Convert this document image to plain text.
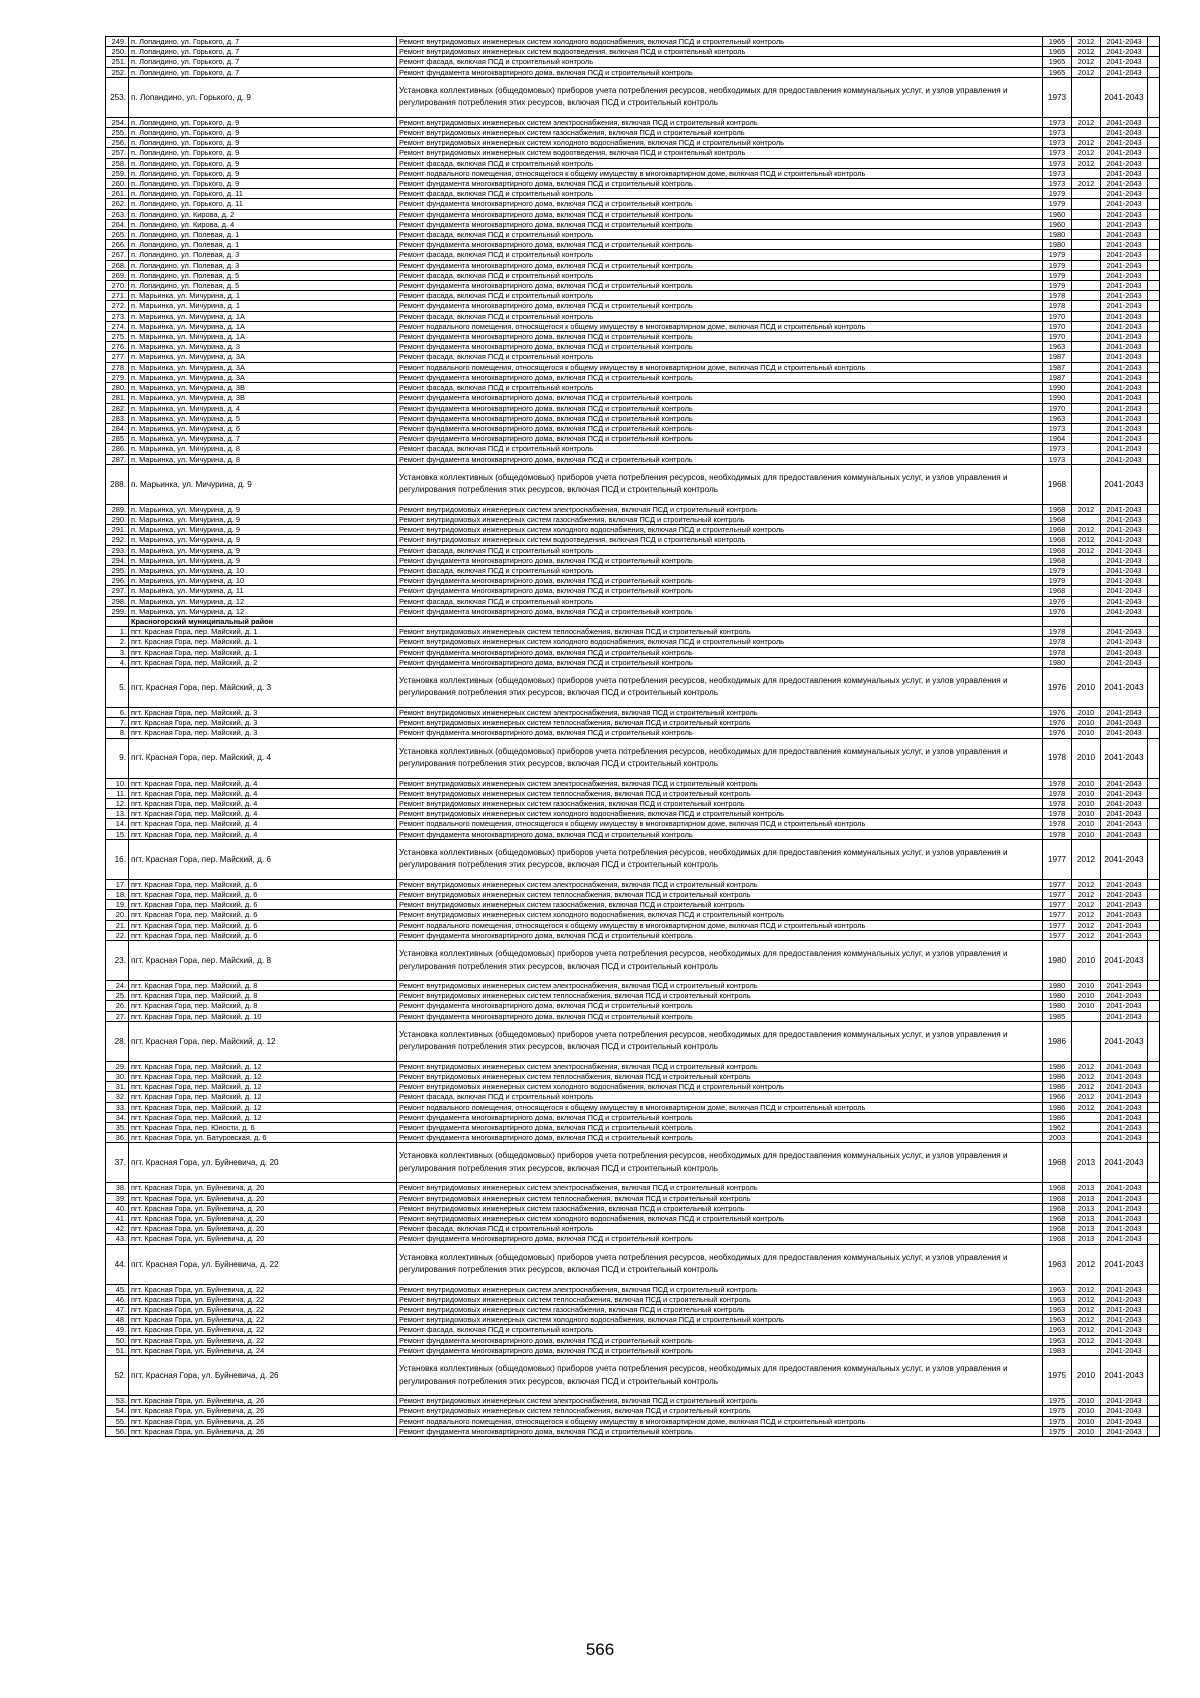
249.	п. Лопандино, ул. Горького, д. 7	Ремонт внутридомовых инженерных систем холодного водоснабжения, включая ПСД и строительный контроль	1965	2012	2041-2043	
250.	п. Лопандино, ул. Горького, д. 7	Ремонт внутридомовых инженерных систем водоотведения, включая ПСД и строительный контроль	1965	2012	2041-2043	
251.	п. Лопандино, ул. Горького, д. 7	Ремонт фасада, включая ПСД и строительный контроль	1965	2012	2041-2043	
252.	п. Лопандино, ул. Горького, д. 7	Ремонт фундамента многоквартирного дома, включая ПСД и строительный контроль	1965	2012	2041-2043	
253.	п. Лопандино, ул. Горького, д. 9	Установка коллективных (общедомовых) приборов учета потребления ресурсов, необходимых для предоставления коммунальных услуг, и узлов управления и регулирования потребления этих ресурсов, включая ПСД и строительный контроль	1973		2041-2043	
254.	п. Лопандино, ул. Горького, д. 9	Ремонт внутридомовых инженерных систем электроснабжения, включая ПСД и строительный контроль	1973	2012	2041-2043	
255.	п. Лопандино, ул. Горького, д. 9	Ремонт внутридомовых инженерных систем газоснабжения, включая ПСД и строительный контроль	1973		2041-2043	
256.	п. Лопандино, ул. Горького, д. 9	Ремонт внутридомовых инженерных систем холодного водоснабжения, включая ПСД и строительный контроль	1973	2012	2041-2043	
257.	п. Лопандино, ул. Горького, д. 9	Ремонт внутридомовых инженерных систем водоотведения, включая ПСД и строительный контроль	1973	2012	2041-2043	
258.	п. Лопандино, ул. Горького, д. 9	Ремонт фасада, включая ПСД и строительный контроль	1973	2012	2041-2043	
259.	п. Лопандино, ул. Горького, д. 9	Ремонт подвального помещения, относящегося к общему имуществу в многоквартирном доме, включая ПСД и строительный контроль	1973		2041-2043	
260.	п. Лопандино, ул. Горького, д. 9	Ремонт фундамента многоквартирного дома, включая ПСД и строительный контроль	1973	2012	2041-2043	
261.	п. Лопандино, ул. Горького, д. 11	Ремонт фасада, включая ПСД и строительный контроль	1979		2041-2043	
262.	п. Лопандино, ул. Горького, д. 11	Ремонт фундамента многоквартирного дома, включая ПСД и строительный контроль	1979		2041-2043	
263.	п. Лопандино, ул. Кирова, д. 2	Ремонт фундамента многоквартирного дома, включая ПСД и строительный контроль	1960		2041-2043	
264.	п. Лопандино, ул. Кирова, д. 4	Ремонт фундамента многоквартирного дома, включая ПСД и строительный контроль	1960		2041-2043	
265.	п. Лопандино, ул. Полевая, д. 1	Ремонт фасада, включая ПСД и строительный контроль	1980		2041-2043	
266.	п. Лопандино, ул. Полевая, д. 1	Ремонт фундамента многоквартирного дома, включая ПСД и строительный контроль	1980		2041-2043	
267.	п. Лопандино, ул. Полевая, д. 3	Ремонт фасада, включая ПСД и строительный контроль	1979		2041-2043	
268.	п. Лопандино, ул. Полевая, д. 3	Ремонт фундамента многоквартирного дома, включая ПСД и строительный контроль	1979		2041-2043	
269.	п. Лопандино, ул. Полевая, д. 5	Ремонт фасада, включая ПСД и строительный контроль	1979		2041-2043	
270.	п. Лопандино, ул. Полевая, д. 5	Ремонт фундамента многоквартирного дома, включая ПСД и строительный контроль	1979		2041-2043	
271.	п. Марьинка, ул. Мичурина, д. 1	Ремонт фасада, включая ПСД и строительный контроль	1978		2041-2043	
272.	п. Марьинка, ул. Мичурина, д. 1	Ремонт фундамента многоквартирного дома, включая ПСД и строительный контроль	1978		2041-2043	
273.	п. Марьинка, ул. Мичурина, д. 1А	Ремонт фасада, включая ПСД и строительный контроль	1970		2041-2043	
274.	п. Марьинка, ул. Мичурина, д. 1А	Ремонт подвального помещения, относящегося к общему имуществу в многоквартирном доме, включая ПСД и строительный контроль	1970		2041-2043	
275.	п. Марьинка, ул. Мичурина, д. 1А	Ремонт фундамента многоквартирного дома, включая ПСД и строительный контроль	1970		2041-2043	
276.	п. Марьинка, ул. Мичурина, д. 3	Ремонт фундамента многоквартирного дома, включая ПСД и строительный контроль	1963		2041-2043	
277.	п. Марьинка, ул. Мичурина, д. 3А	Ремонт фасада, включая ПСД и строительный контроль	1987		2041-2043	
278.	п. Марьинка, ул. Мичурина, д. 3А	Ремонт подвального помещения, относящегося к общему имуществу в многоквартирном доме, включая ПСД и строительный контроль	1987		2041-2043	
279.	п. Марьинка, ул. Мичурина, д. 3А	Ремонт фундамента многоквартирного дома, включая ПСД и строительный контроль	1987		2041-2043	
280.	п. Марьинка, ул. Мичурина, д. 3В	Ремонт фасада, включая ПСД и строительный контроль	1990		2041-2043	
281.	п. Марьинка, ул. Мичурина, д. 3В	Ремонт фундамента многоквартирного дома, включая ПСД и строительный контроль	1990		2041-2043	
282.	п. Марьинка, ул. Мичурина, д. 4	Ремонт фундамента многоквартирного дома, включая ПСД и строительный контроль	1970		2041-2043	
283.	п. Марьинка, ул. Мичурина, д. 5	Ремонт фундамента многоквартирного дома, включая ПСД и строительный контроль	1963		2041-2043	
284.	п. Марьинка, ул. Мичурина, д. 6	Ремонт фундамента многоквартирного дома, включая ПСД и строительный контроль	1973		2041-2043	
285.	п. Марьинка, ул. Мичурина, д. 7	Ремонт фундамента многоквартирного дома, включая ПСД и строительный контроль	1964		2041-2043	
286.	п. Марьинка, ул. Мичурина, д. 8	Ремонт фасада, включая ПСД и строительный контроль	1973		2041-2043	
287.	п. Марьинка, ул. Мичурина, д. 8	Ремонт фундамента многоквартирного дома, включая ПСД и строительный контроль	1973		2041-2043	
288.	п. Марьинка, ул. Мичурина, д. 9	Установка коллективных (общедомовых) приборов учета потребления ресурсов, необходимых для предоставления коммунальных услуг, и узлов управления и регулирования потребления этих ресурсов, включая ПСД и строительный контроль	1968		2041-2043	
289.	п. Марьинка, ул. Мичурина, д. 9	Ремонт внутридомовых инженерных систем электроснабжения, включая ПСД и строительный контроль	1968	2012	2041-2043	
290.	п. Марьинка, ул. Мичурина, д. 9	Ремонт внутридомовых инженерных систем газоснабжения, включая ПСД и строительный контроль	1968		2041-2043	
291.	п. Марьинка, ул. Мичурина, д. 9	Ремонт внутридомовых инженерных систем холодного водоснабжения, включая ПСД и строительный контроль	1968	2012	2041-2043	
292.	п. Марьинка, ул. Мичурина, д. 9	Ремонт внутридомовых инженерных систем водоотведения, включая ПСД и строительный контроль	1968	2012	2041-2043	
293.	п. Марьинка, ул. Мичурина, д. 9	Ремонт фасада, включая ПСД и строительный контроль	1968	2012	2041-2043	
294.	п. Марьинка, ул. Мичурина, д. 9	Ремонт фундамента многоквартирного дома, включая ПСД и строительный контроль	1968		2041-2043	
295.	п. Марьинка, ул. Мичурина, д. 10	Ремонт фасада, включая ПСД и строительный контроль	1979		2041-2043	
296.	п. Марьинка, ул. Мичурина, д. 10	Ремонт фундамента многоквартирного дома, включая ПСД и строительный контроль	1979		2041-2043	
297.	п. Марьинка, ул. Мичурина, д. 11	Ремонт фундамента многоквартирного дома, включая ПСД и строительный контроль	1968		2041-2043	
298.	п. Марьинка, ул. Мичурина, д. 12	Ремонт фасада, включая ПСД и строительный контроль	1976		2041-2043	
299.	п. Марьинка, ул. Мичурина, д. 12	Ремонт фундамента многоквартирного дома, включая ПСД и строительный контроль	1976		2041-2043	
	Красногорский муниципальный район					
1.	пгт. Красная Гора, пер. Майский, д. 1	Ремонт внутридомовых инженерных систем теплоснабжения, включая ПСД и строительный контроль	1978		2041-2043	
2.	пгт. Красная Гора, пер. Майский, д. 1	Ремонт внутридомовых инженерных систем холодного водоснабжения, включая ПСД и строительный контроль	1978		2041-2043	
3.	пгт. Красная Гора, пер. Майский, д. 1	Ремонт фундамента многоквартирного дома, включая ПСД и строительный контроль	1978		2041-2043	
4.	пгт. Красная Гора, пер. Майский, д. 2	Ремонт фундамента многоквартирного дома, включая ПСД и строительный контроль	1980		2041-2043	
5.	пгт. Красная Гора, пер. Майский, д. 3	Установка коллективных (общедомовых) приборов учета потребления ресурсов, необходимых для предоставления коммунальных услуг, и узлов управления и регулирования потребления этих ресурсов, включая ПСД и строительный контроль	1976	2010	2041-2043	
6.	пгт. Красная Гора, пер. Майский, д. 3	Ремонт внутридомовых инженерных систем электроснабжения, включая ПСД и строительный контроль	1976	2010	2041-2043	
7.	пгт. Красная Гора, пер. Майский, д. 3	Ремонт внутридомовых инженерных систем теплоснабжения, включая ПСД и строительный контроль	1976	2010	2041-2043	
8.	пгт. Красная Гора, пер. Майский, д. 3	Ремонт фундамента многоквартирного дома, включая ПСД и строительный контроль	1976	2010	2041-2043	
9.	пгт. Красная Гора, пер. Майский, д. 4	Установка коллективных (общедомовых) приборов учета потребления ресурсов, необходимых для предоставления коммунальных услуг, и узлов управления и регулирования потребления этих ресурсов, включая ПСД и строительный контроль	1978	2010	2041-2043	
10.	пгт. Красная Гора, пер. Майский, д. 4	Ремонт внутридомовых инженерных систем электроснабжения, включая ПСД и строительный контроль	1978	2010	2041-2043	
11.	пгт. Красная Гора, пер. Майский, д. 4	Ремонт внутридомовых инженерных систем теплоснабжения, включая ПСД и строительный контроль	1978	2010	2041-2043	
12.	пгт. Красная Гора, пер. Майский, д. 4	Ремонт внутридомовых инженерных систем газоснабжения, включая ПСД и строительный контроль	1978	2010	2041-2043	
13.	пгт. Красная Гора, пер. Майский, д. 4	Ремонт внутридомовых инженерных систем холодного водоснабжения, включая ПСД и строительный контроль	1978	2010	2041-2043	
14.	пгт. Красная Гора, пер. Майский, д. 4	Ремонт подвального помещения, относящегося к общему имуществу в многоквартирном доме, включая ПСД и строительный контроль	1978	2010	2041-2043	
15.	пгт. Красная Гора, пер. Майский, д. 4	Ремонт фундамента многоквартирного дома, включая ПСД и строительный контроль	1978	2010	2041-2043	
16.	пгт. Красная Гора, пер. Майский, д. 6	Установка коллективных (общедомовых) приборов учета потребления ресурсов, необходимых для предоставления коммунальных услуг, и узлов управления и регулирования потребления этих ресурсов, включая ПСД и строительный контроль	1977	2012	2041-2043	
17.	пгт. Красная Гора, пер. Майский, д. 6	Ремонт внутридомовых инженерных систем электроснабжения, включая ПСД и строительный контроль	1977	2012	2041-2043	
18.	пгт. Красная Гора, пер. Майский, д. 6	Ремонт внутридомовых инженерных систем теплоснабжения, включая ПСД и строительный контроль	1977	2012	2041-2043	
19.	пгт. Красная Гора, пер. Майский, д. 6	Ремонт внутридомовых инженерных систем газоснабжения, включая ПСД и строительный контроль	1977	2012	2041-2043	
20.	пгт. Красная Гора, пер. Майский, д. 6	Ремонт внутридомовых инженерных систем холодного водоснабжения, включая ПСД и строительный контроль	1977	2012	2041-2043	
21.	пгт. Красная Гора, пер. Майский, д. 6	Ремонт подвального помещения, относящегося к общему имуществу в многоквартирном доме, включая ПСД и строительный контроль	1977	2012	2041-2043	
22.	пгт. Красная Гора, пер. Майский, д. 6	Ремонт фундамента многоквартирного дома, включая ПСД и строительный контроль	1977	2012	2041-2043	
23.	пгт. Красная Гора, пер. Майский, д. 8	Установка коллективных (общедомовых) приборов учета потребления ресурсов, необходимых для предоставления коммунальных услуг, и узлов управления и регулирования потребления этих ресурсов, включая ПСД и строительный контроль	1980	2010	2041-2043	
24.	пгт. Красная Гора, пер. Майский, д. 8	Ремонт внутридомовых инженерных систем электроснабжения, включая ПСД и строительный контроль	1980	2010	2041-2043	
25.	пгт. Красная Гора, пер. Майский, д. 8	Ремонт внутридомовых инженерных систем теплоснабжения, включая ПСД и строительный контроль	1980	2010	2041-2043	
26.	пгт. Красная Гора, пер. Майский, д. 8	Ремонт фундамента многоквартирного дома, включая ПСД и строительный контроль	1980	2010	2041-2043	
27.	пгт. Красная Гора, пер. Майский, д. 10	Ремонт фундамента многоквартирного дома, включая ПСД и строительный контроль	1985		2041-2043	
28.	пгт. Красная Гора, пер. Майский, д. 12	Установка коллективных (общедомовых) приборов учета потребления ресурсов, необходимых для предоставления коммунальных услуг, и узлов управления и регулирования потребления этих ресурсов, включая ПСД и строительный контроль	1986		2041-2043	
29.	пгт. Красная Гора, пер. Майский, д. 12	Ремонт внутридомовых инженерных систем электроснабжения, включая ПСД и строительный контроль	1986	2012	2041-2043	
30.	пгт. Красная Гора, пер. Майский, д. 12	Ремонт внутридомовых инженерных систем теплоснабжения, включая ПСД и строительный контроль	1986	2012	2041-2043	
31.	пгт. Красная Гора, пер. Майский, д. 12	Ремонт внутридомовых инженерных систем холодного водоснабжения, включая ПСД и строительный контроль	1986	2012	2041-2043	
32.	пгт. Красная Гора, пер. Майский, д. 12	Ремонт фасада, включая ПСД и строительный контроль	1966	2012	2041-2043	
33.	пгт. Красная Гора, пер. Майский, д. 12	Ремонт подвального помещения, относящегося к общему имуществу в многоквартирном доме, включая ПСД и строительный контроль	1986	2012	2041-2043	
34.	пгт. Красная Гора, пер. Майский, д. 12	Ремонт фундамента многоквартирного дома, включая ПСД и строительный контроль	1986		2041-2043	
35.	пгт. Красная Гора, пер. Юности, д. 6	Ремонт фундамента многоквартирного дома, включая ПСД и строительный контроль	1962		2041-2043	
36.	пгт. Красная Гора, ул. Батуровская, д. 6	Ремонт фундамента многоквартирного дома, включая ПСД и строительный контроль	2003		2041-2043	
37.	пгт. Красная Гора, ул. Буйневича, д. 20	Установка коллективных (общедомовых) приборов учета потребления ресурсов, необходимых для предоставления коммунальных услуг, и узлов управления и регулирования потребления этих ресурсов, включая ПСД и строительный контроль	1968	2013	2041-2043	
38.	пгт. Красная Гора, ул. Буйневича, д. 20	Ремонт внутридомовых инженерных систем электроснабжения, включая ПСД и строительный контроль	1968	2013	2041-2043	
39.	пгт. Красная Гора, ул. Буйневича, д. 20	Ремонт внутридомовых инженерных систем теплоснабжения, включая ПСД и строительный контроль	1968	2013	2041-2043	
40.	пгт. Красная Гора, ул. Буйневича, д. 20	Ремонт внутридомовых инженерных систем газоснабжения, включая ПСД и строительный контроль	1968	2013	2041-2043	
41.	пгт. Красная Гора, ул. Буйневича, д. 20	Ремонт внутридомовых инженерных систем холодного водоснабжения, включая ПСД и строительный контроль	1968	2013	2041-2043	
42.	пгт. Красная Гора, ул. Буйневича, д. 20	Ремонт фасада, включая ПСД и строительный контроль	1968	2013	2041-2043	
43.	пгт. Красная Гора, ул. Буйневича, д. 20	Ремонт фундамента многоквартирного дома, включая ПСД и строительный контроль	1968	2013	2041-2043	
44.	пгт. Красная Гора, ул. Буйневича, д. 22	Установка коллективных (общедомовых) приборов учета потребления ресурсов, необходимых для предоставления коммунальных услуг, и узлов управления и регулирования потребления этих ресурсов, включая ПСД и строительный контроль	1963	2012	2041-2043	
45.	пгт. Красная Гора, ул. Буйневича, д. 22	Ремонт внутридомовых инженерных систем электроснабжения, включая ПСД и строительный контроль	1963	2012	2041-2043	
46.	пгт. Красная Гора, ул. Буйневича, д. 22	Ремонт внутридомовых инженерных систем теплоснабжения, включая ПСД и строительный контроль	1963	2012	2041-2043	
47.	пгт. Красная Гора, ул. Буйневича, д. 22	Ремонт внутридомовых инженерных систем газоснабжения, включая ПСД и строительный контроль	1963	2012	2041-2043	
48.	пгт. Красная Гора, ул. Буйневича, д. 22	Ремонт внутридомовых инженерных систем холодного водоснабжения, включая ПСД и строительный контроль	1963	2012	2041-2043	
49.	пгт. Красная Гора, ул. Буйневича, д. 22	Ремонт фасада, включая ПСД и строительный контроль	1963	2012	2041-2043	
50.	пгт. Красная Гора, ул. Буйневича, д. 22	Ремонт фундамента многоквартирного дома, включая ПСД и строительный контроль	1963	2012	2041-2043	
51.	пгт. Красная Гора, ул. Буйневича, д. 24	Ремонт фундамента многоквартирного дома, включая ПСД и строительный контроль	1983		2041-2043	
52.	пгт. Красная Гора, ул. Буйневича, д. 26	Установка коллективных (общедомовых) приборов учета потребления ресурсов, необходимых для предоставления коммунальных услуг, и узлов управления и регулирования потребления этих ресурсов, включая ПСД и строительный контроль	1975	2010	2041-2043	
53.	пгт. Красная Гора, ул. Буйневича, д. 26	Ремонт внутридомовых инженерных систем электроснабжения, включая ПСД и строительный контроль	1975	2010	2041-2043	
54.	пгт. Красная Гора, ул. Буйневича, д. 26	Ремонт внутридомовых инженерных систем теплоснабжения, включая ПСД и строительный контроль	1975	2010	2041-2043	
55.	пгт. Красная Гора, ул. Буйневича, д. 26	Ремонт подвального помещения, относящегося к общему имуществу в многоквартирном доме, включая ПСД и строительный контроль	1975	2010	2041-2043	
56.	пгт. Красная Гора, ул. Буйневича, д. 26	Ремонт фундамента многоквартирного дома, включая ПСД и строительный контроль	1975	2010	2041-2043	
566
